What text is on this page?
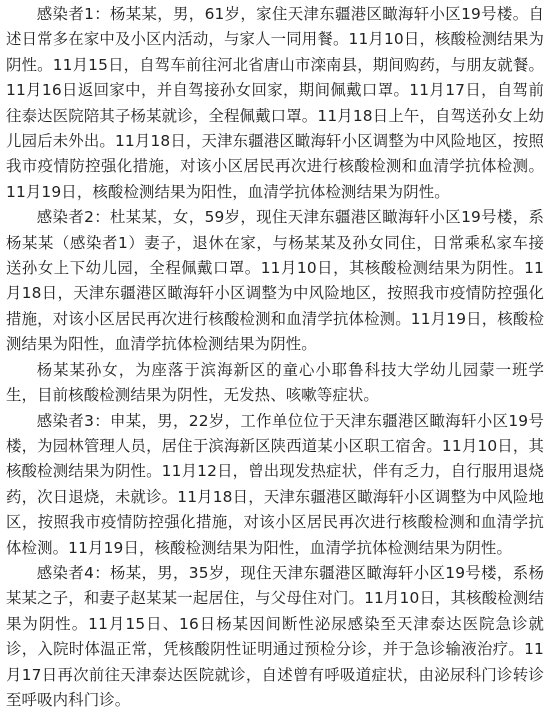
感染者1：杨某某，男，61岁，家住天津东疆港区瞰海轩小区19号楼。自述日常多在家中及小区内活动，与家人一同用餐。11月10日，核酸检测结果为阴性。11月15日，自驾车前往河北省唐山市滦南县，期间购药，与朋友就餐。11月16日返回家中，并自驾接孙女回家，期间佩戴口罩。11月17日，自驾前往泰达医院陪其子杨某就诊，全程佩戴口罩。11月18日上午，自驾送孙女上幼儿园后未外出。11月18日，天津东疆港区瞰海轩小区调整为中风险地区，按照我市疫情防控强化措施，对该小区居民再次进行核酸检测和血清学抗体检测。11月19日，核酸检测结果为阳性，血清学抗体检测结果为阴性。

感染者2：杜某某，女，59岁，现住天津东疆港区瞰海轩小区19号楼，系杨某某（感染者1）妻子，退休在家，与杨某某及孙女同住，日常乘私家车接送孙女上下幼儿园，全程佩戴口罩。11月10日，其核酸检测结果为阴性。11月18日，天津东疆港区瞰海轩小区调整为中风险地区，按照我市疫情防控强化措施，对该小区居民再次进行核酸检测和血清学抗体检测。11月19日，核酸检测结果为阳性，血清学抗体检测结果为阴性。

杨某某孙女，为座落于滨海新区的童心小耶鲁科技大学幼儿园蒙一班学生，目前核酸检测结果为阴性，无发热、咳嗽等症状。

感染者3：申某，男，22岁，工作单位位于天津东疆港区瞰海轩小区19号楼，为园林管理人员，居住于滨海新区陕西道某小区职工宿舍。11月10日，其核酸检测结果为阴性。11月12日，曾出现发热症状，伴有乏力，自行服用退烧药，次日退烧，未就诊。11月18日，天津东疆港区瞰海轩小区调整为中风险地区，按照我市疫情防控强化措施，对该小区居民再次进行核酸检测和血清学抗体检测。11月19日，核酸检测结果为阳性，血清学抗体检测结果为阴性。

感染者4：杨某，男，35岁，现住天津东疆港区瞰海轩小区19号楼，系杨某某之子，和妻子赵某某一起居住，与父母住对门。11月10日，其核酸检测结果为阴性。11月15日、16日杨某因间断性泌尿感染至天津泰达医院急诊就诊，入院时体温正常，凭核酸阴性证明通过预检分诊，并于急诊输液治疗。11月17日再次前往天津泰达医院就诊，自述曾有呼吸道症状，由泌尿科门诊转诊至呼吸内科门诊。
